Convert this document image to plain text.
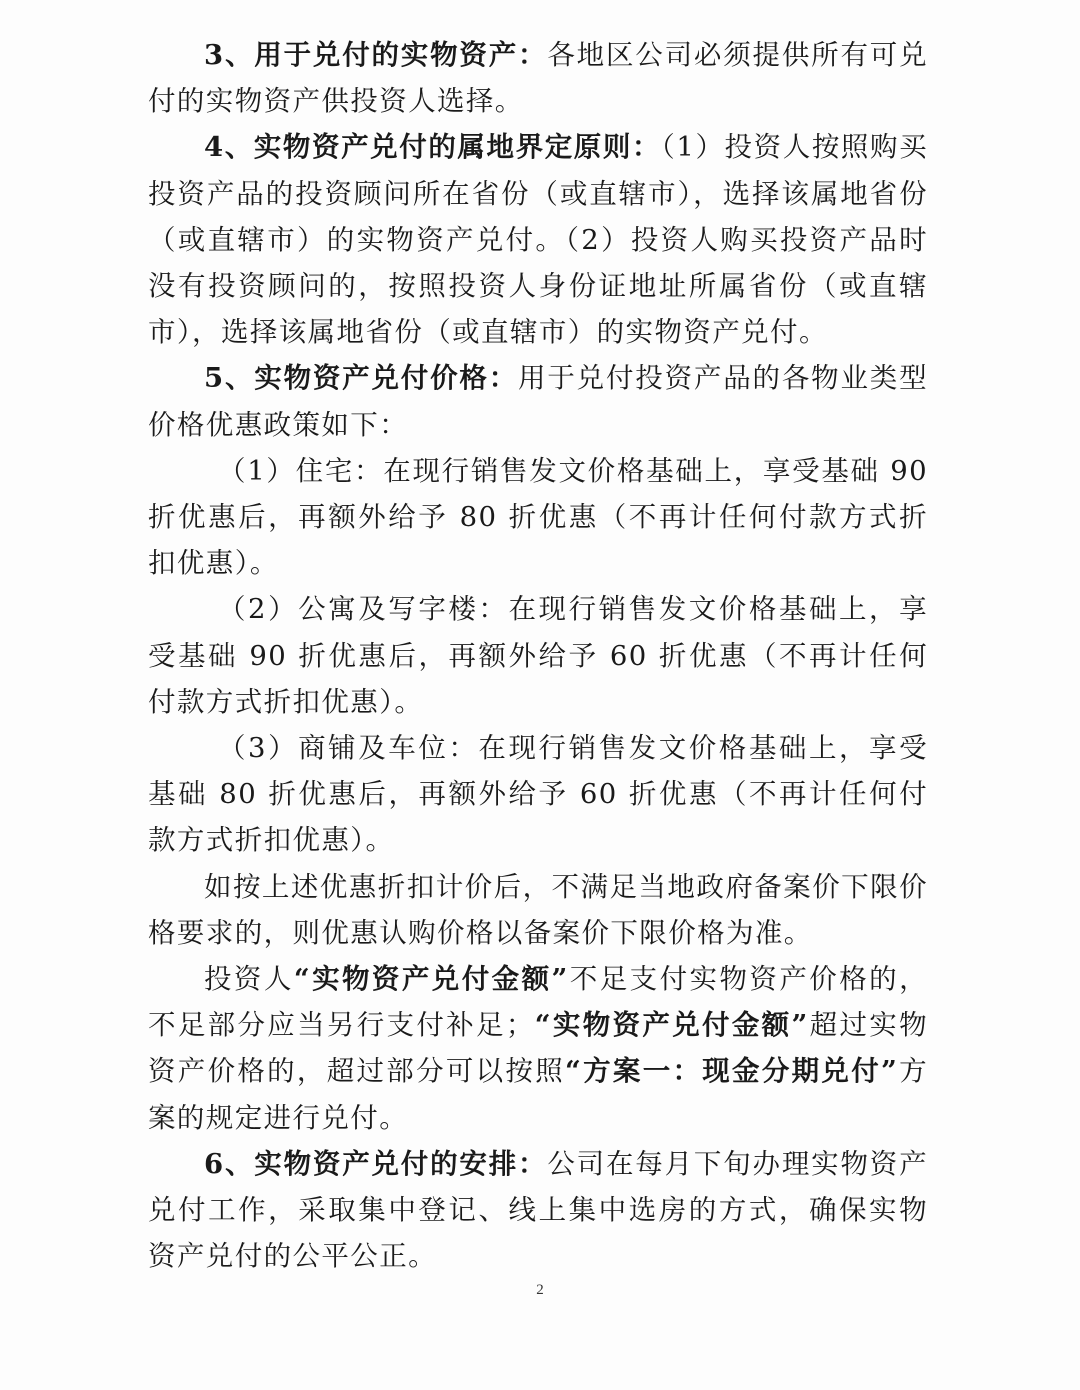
3、用于兑付的实物资产：各地区公司必须提供所有可兑付的实物资产供投资人选择。

4、实物资产兑付的属地界定原则：（1）投资人按照购买投资产品的投资顾问所在省份（或直辖市），选择该属地省份（或直辖市）的实物资产兑付。（2）投资人购买投资产品时没有投资顾问的，按照投资人身份证地址所属省份（或直辖市），选择该属地省份（或直辖市）的实物资产兑付。

5、实物资产兑付价格：用于兑付投资产品的各物业类型价格优惠政策如下：

（1）住宅：在现行销售发文价格基础上，享受基础 90 折优惠后，再额外给予 80 折优惠（不再计任何付款方式折扣优惠）。

（2）公寓及写字楼：在现行销售发文价格基础上，享受基础 90 折优惠后，再额外给予 60 折优惠（不再计任何付款方式折扣优惠）。

（3）商铺及车位：在现行销售发文价格基础上，享受基础 80 折优惠后，再额外给予 60 折优惠（不再计任何付款方式折扣优惠）。

如按上述优惠折扣计价后，不满足当地政府备案价下限价格要求的，则优惠认购价格以备案价下限价格为准。

投资人“实物资产兑付金额”不足支付实物资产价格的，不足部分应当另行支付补足；“实物资产兑付金额”超过实物资产价格的，超过部分可以按照“方案一：现金分期兑付”方案的规定进行兑付。

6、实物资产兑付的安排：公司在每月下旬办理实物资产兑付工作，采取集中登记、线上集中选房的方式，确保实物资产兑付的公平公正。

2
